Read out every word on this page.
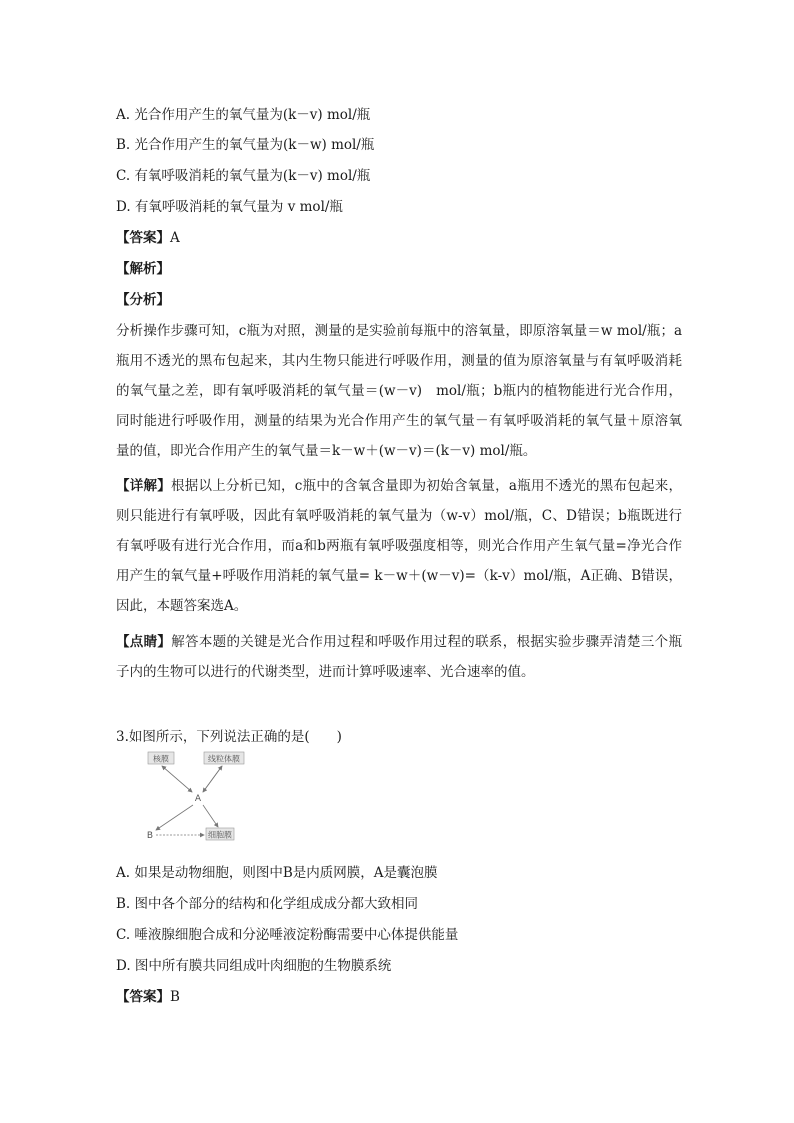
A. 光合作用产生的氧气量为(k－v) mol/瓶
B. 光合作用产生的氧气量为(k－w) mol/瓶
C. 有氧呼吸消耗的氧气量为(k－v) mol/瓶
D. 有氧呼吸消耗的氧气量为 v mol/瓶
【答案】A
【解析】
【分析】
分析操作步骤可知，c瓶为对照，测量的是实验前每瓶中的溶氧量，即原溶氧量＝w mol/瓶；a瓶用不透光的黑布包起来，其内生物只能进行呼吸作用，测量的值为原溶氧量与有氧呼吸消耗的氧气量之差，即有氧呼吸消耗的氧气量＝(w－v)　mol/瓶；b瓶内的植物能进行光合作用，同时能进行呼吸作用，测量的结果为光合作用产生的氧气量－有氧呼吸消耗的氧气量＋原溶氧量的值，即光合作用产生的氧气量＝k－w＋(w－v)＝(k－v) mol/瓶。
【详解】根据以上分析已知，c瓶中的含氧含量即为初始含氧量，a瓶用不透光的黑布包起来，则只能进行有氧呼吸，因此有氧呼吸消耗的氧气量为（w-v）mol/瓶，C、D错误；b瓶既进行有氧呼吸有进行光合作用，而a和b两瓶有氧呼吸强度相等，则光合作用产生氧气量=净光合作用产生的氧气量+呼吸作用消耗的氧气量= k－w＋(w－v)=（k-v）mol/瓶，A正确、B错误，因此，本题答案选A。
【点睛】解答本题的关键是光合作用过程和呼吸作用过程的联系，根据实验步骤弄清楚三个瓶子内的生物可以进行的代谢类型，进而计算呼吸速率、光合速率的值。
3.如图所示，下列说法正确的是(　　)
核膜	线粒体膜
A
B	细胞膜
A. 如果是动物细胞，则图中B是内质网膜，A是囊泡膜
B. 图中各个部分的结构和化学组成成分都大致相同
C. 唾液腺细胞合成和分泌唾液淀粉酶需要中心体提供能量
D. 图中所有膜共同组成叶肉细胞的生物膜系统
【答案】B
